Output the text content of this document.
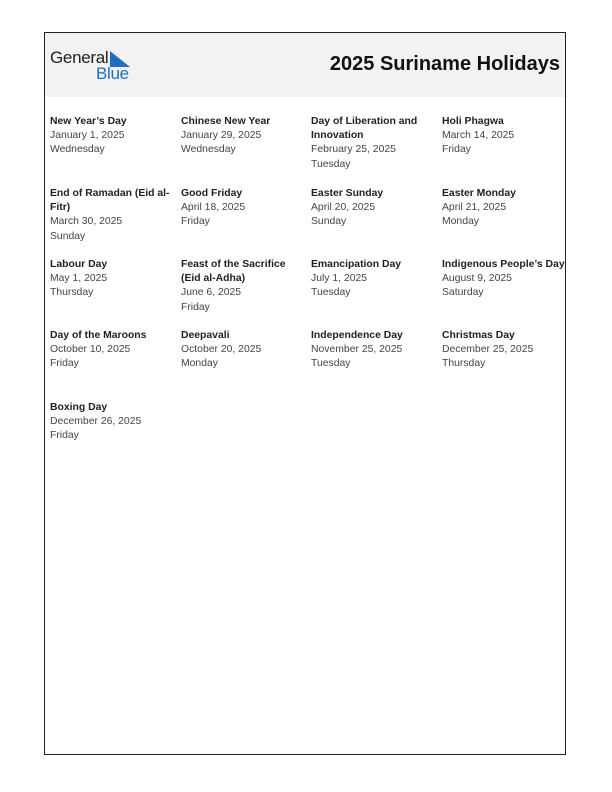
General
Blue	2025 Suriname Holidays
New Year’s Day
January 1, 2025
Wednesday
Chinese New Year
January 29, 2025
Wednesday
Day of Liberation and Innovation
February 25, 2025
Tuesday
Holi Phagwa
March 14, 2025
Friday
End of Ramadan (Eid al-Fitr)
March 30, 2025
Sunday
Good Friday
April 18, 2025
Friday
Easter Sunday
April 20, 2025
Sunday
Easter Monday
April 21, 2025
Monday
Labour Day
May 1, 2025
Thursday
Feast of the Sacrifice (Eid al-Adha)
June 6, 2025
Friday
Emancipation Day
July 1, 2025
Tuesday
Indigenous People’s Day
August 9, 2025
Saturday
Day of the Maroons
October 10, 2025
Friday
Deepavali
October 20, 2025
Monday
Independence Day
November 25, 2025
Tuesday
Christmas Day
December 25, 2025
Thursday
Boxing Day
December 26, 2025
Friday
